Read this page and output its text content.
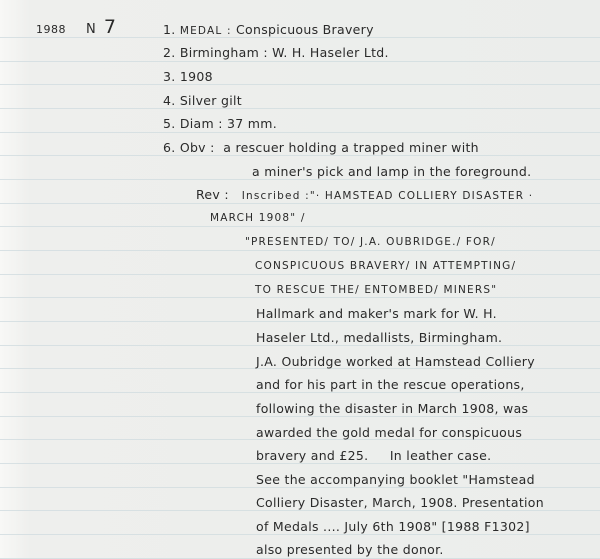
1988 N 7	1. MEDAL : Conspicuous Bravery
2. Birmingham : W. H. Haseler Ltd.
3. 1908
4. Silver gilt
5. Diam : 37 mm.
6. Obv : a rescuer holding a trapped miner with
a miner's pick and lamp in the foreground.
Rev : Inscribed :"· HAMSTEAD COLLIERY DISASTER ·
MARCH 1908" /
"PRESENTED/ TO/ J.A. OUBRIDGE./ FOR/
CONSPICUOUS BRAVERY/ IN ATTEMPTING/
TO RESCUE THE/ ENTOMBED/ MINERS"
Hallmark and maker's mark for W. H.
Haseler Ltd., medallists, Birmingham.
J.A. Oubridge worked at Hamstead Colliery
and for his part in the rescue operations,
following the disaster in March 1908, was
awarded the gold medal for conspicuous
bravery and £25.     In leather case.
See the accompanying booklet "Hamstead
Colliery Disaster, March, 1908. Presentation
of Medals .... July 6th 1908" [1988 F1302]
also presented by the donor.
